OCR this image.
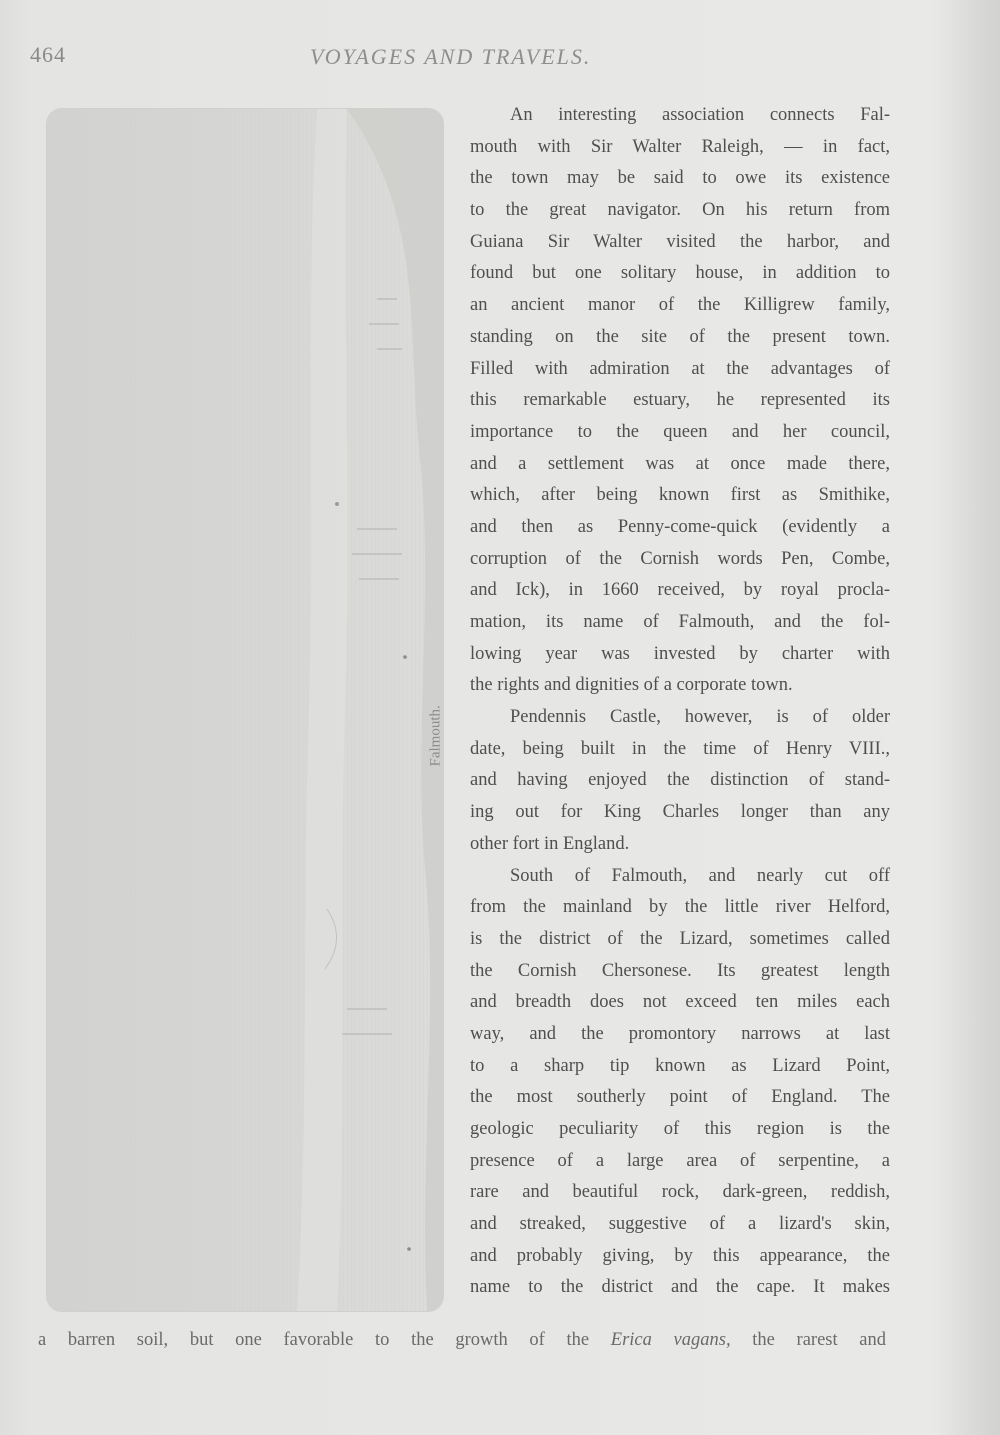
464	VOYAGES AND TRAVELS.
Falmouth.
An interesting association connects Fal-
mouth with Sir Walter Raleigh, — in fact,
the town may be said to owe its existence
to the great navigator. On his return from
Guiana Sir Walter visited the harbor, and
found but one solitary house, in addition to
an ancient manor of the Killigrew family,
standing on the site of the present town.
Filled with admiration at the advantages of
this remarkable estuary, he represented its
importance to the queen and her council,
and a settlement was at once made there,
which, after being known first as Smithike,
and then as Penny-come-quick (evidently a
corruption of the Cornish words Pen, Combe,
and Ick), in 1660 received, by royal procla-
mation, its name of Falmouth, and the fol-
lowing year was invested by charter with
the rights and dignities of a corporate town.
Pendennis Castle, however, is of older
date, being built in the time of Henry VIII.,
and having enjoyed the distinction of stand-
ing out for King Charles longer than any
other fort in England.
South of Falmouth, and nearly cut off
from the mainland by the little river Helford,
is the district of the Lizard, sometimes called
the Cornish Chersonese. Its greatest length
and breadth does not exceed ten miles each
way, and the promontory narrows at last
to a sharp tip known as Lizard Point,
the most southerly point of England. The
geologic peculiarity of this region is the
presence of a large area of serpentine, a
rare and beautiful rock, dark-green, reddish,
and streaked, suggestive of a lizard's skin,
and probably giving, by this appearance, the
name to the district and the cape. It makes
a barren soil, but one favorable to the growth of the Erica vagans, the rarest and
